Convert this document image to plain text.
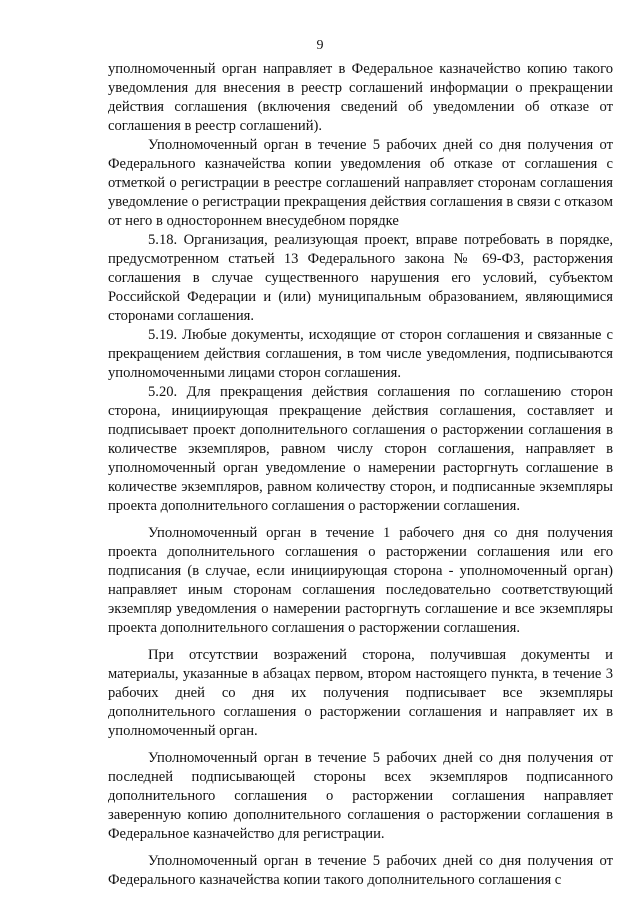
9

уполномоченный орган направляет в Федеральное казначейство копию такого уведомления для внесения в реестр соглашений информации о прекращении действия соглашения (включения сведений об уведомлении об отказе от соглашения в реестр соглашений).

Уполномоченный орган в течение 5 рабочих дней со дня получения от Федерального казначейства копии уведомления об отказе от соглашения с отметкой о регистрации в реестре соглашений направляет сторонам соглашения уведомление о регистрации прекращения действия соглашения в связи с отказом от него в одностороннем внесудебном порядке

5.18. Организация, реализующая проект, вправе потребовать в порядке, предусмотренном статьей 13 Федерального закона № 69-ФЗ, расторжения соглашения в случае существенного нарушения его условий, субъектом Российской Федерации и (или) муниципальным образованием, являющимися сторонами соглашения.

5.19. Любые документы, исходящие от сторон соглашения и связанные с прекращением действия соглашения, в том числе уведомления, подписываются уполномоченными лицами сторон соглашения.

5.20. Для прекращения действия соглашения по соглашению сторон сторона, инициирующая прекращение действия соглашения, составляет и подписывает проект дополнительного соглашения о расторжении соглашения в количестве экземпляров, равном числу сторон соглашения, направляет в уполномоченный орган уведомление о намерении расторгнуть соглашение в количестве экземпляров, равном количеству сторон, и подписанные экземпляры проекта дополнительного соглашения о расторжении соглашения.

Уполномоченный орган в течение 1 рабочего дня со дня получения проекта дополнительного соглашения о расторжении соглашения или его подписания (в случае, если инициирующая сторона - уполномоченный орган) направляет иным сторонам соглашения последовательно соответствующий экземпляр уведомления о намерении расторгнуть соглашение и все экземпляры проекта дополнительного соглашения о расторжении соглашения.

При отсутствии возражений сторона, получившая документы и материалы, указанные в абзацах первом, втором настоящего пункта, в течение 3 рабочих дней со дня их получения подписывает все экземпляры дополнительного соглашения о расторжении соглашения и направляет их в уполномоченный орган.

Уполномоченный орган в течение 5 рабочих дней со дня получения от последней подписывающей стороны всех экземпляров подписанного дополнительного соглашения о расторжении соглашения направляет заверенную копию дополнительного соглашения о расторжении соглашения в Федеральное казначейство для регистрации.

Уполномоченный орган в течение 5 рабочих дней со дня получения от Федерального казначейства копии такого дополнительного соглашения с
